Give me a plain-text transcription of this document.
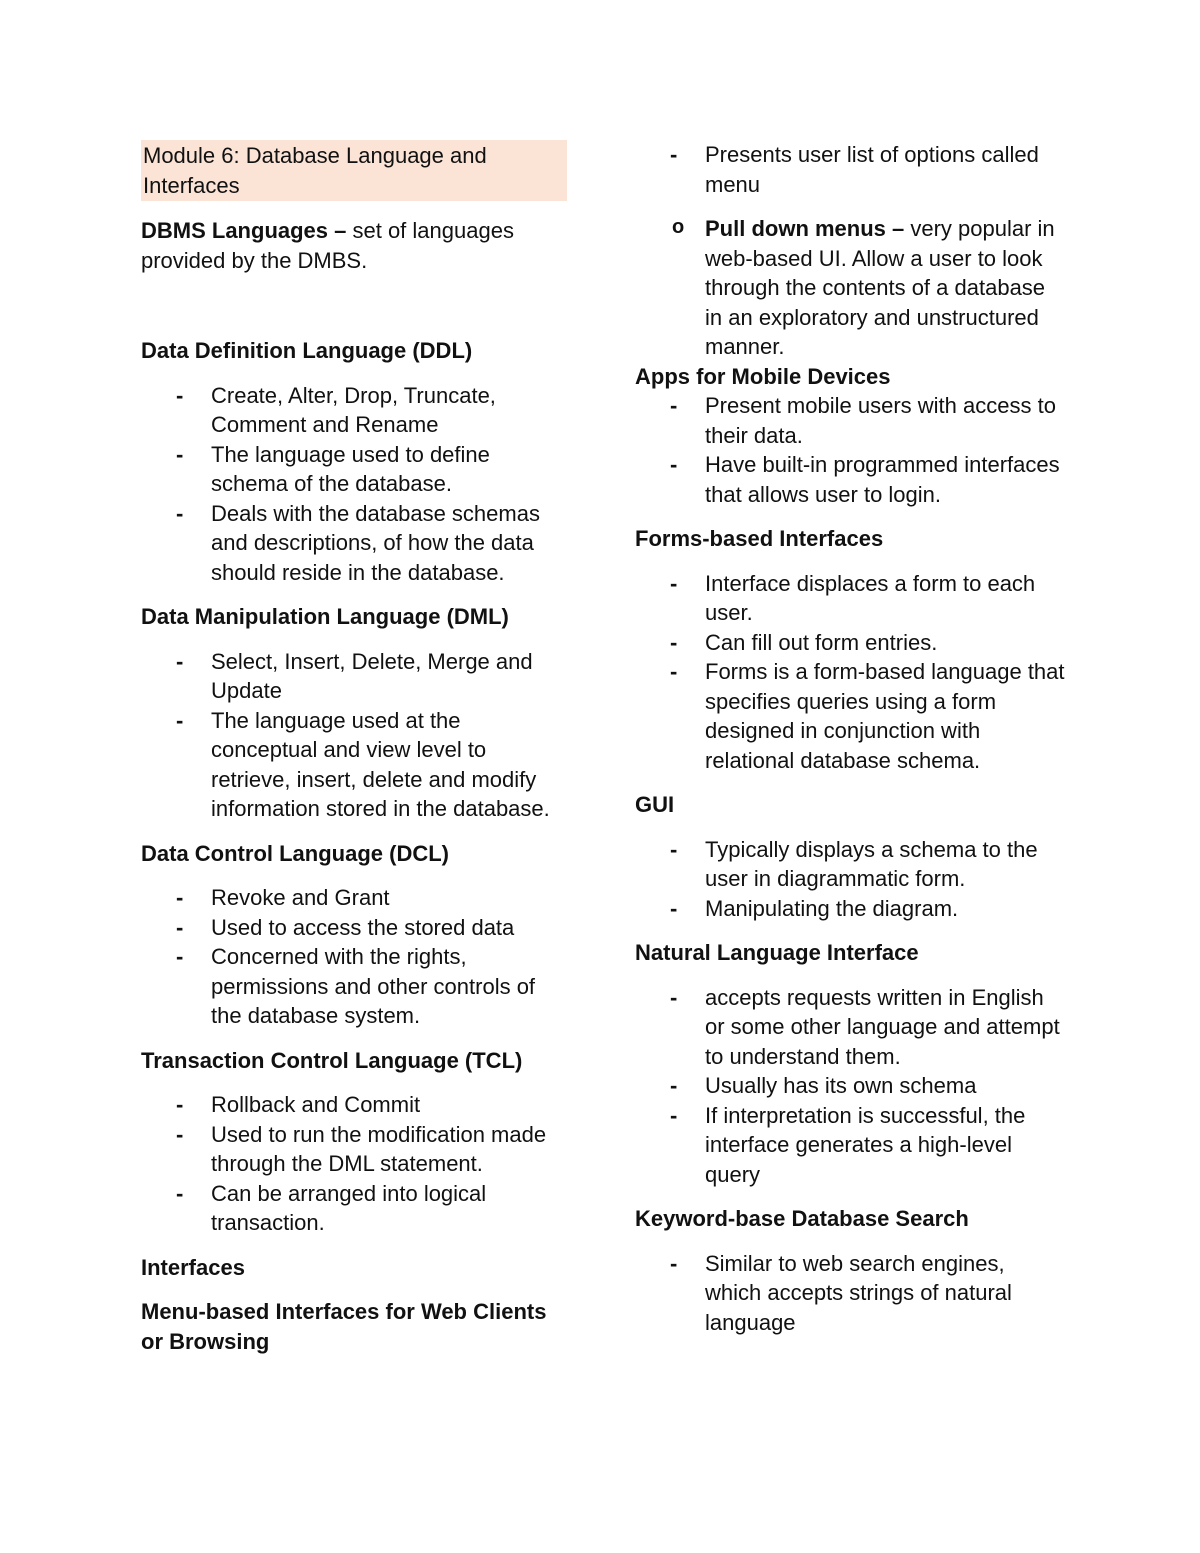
Module 6: Database Language and Interfaces

DBMS Languages – set of languages provided by the DMBS.

Data Definition Language (DDL)

- Create, Alter, Drop, Truncate, Comment and Rename
- The language used to define schema of the database.
- Deals with the database schemas and descriptions, of how the data should reside in the database.

Data Manipulation Language (DML)

- Select, Insert, Delete, Merge and Update
- The language used at the conceptual and view level to retrieve, insert, delete and modify information stored in the database.

Data Control Language (DCL)

- Revoke and Grant
- Used to access the stored data
- Concerned with the rights, permissions and other controls of the database system.

Transaction Control Language (TCL)

- Rollback and Commit
- Used to run the modification made through the DML statement.
- Can be arranged into logical transaction.

Interfaces

Menu-based Interfaces for Web Clients or Browsing

- Presents user list of options called menu
o Pull down menus – very popular in web-based UI. Allow a user to look through the contents of a database in an exploratory and unstructured manner.

Apps for Mobile Devices

- Present mobile users with access to their data.
- Have built-in programmed interfaces that allows user to login.

Forms-based Interfaces

- Interface displaces a form to each user.
- Can fill out form entries.
- Forms is a form-based language that specifies queries using a form designed in conjunction with relational database schema.

GUI

- Typically displays a schema to the user in diagrammatic form.
- Manipulating the diagram.

Natural Language Interface

- accepts requests written in English or some other language and attempt to understand them.
- Usually has its own schema
- If interpretation is successful, the interface generates a high-level query

Keyword-base Database Search

- Similar to web search engines, which accepts strings of natural language
